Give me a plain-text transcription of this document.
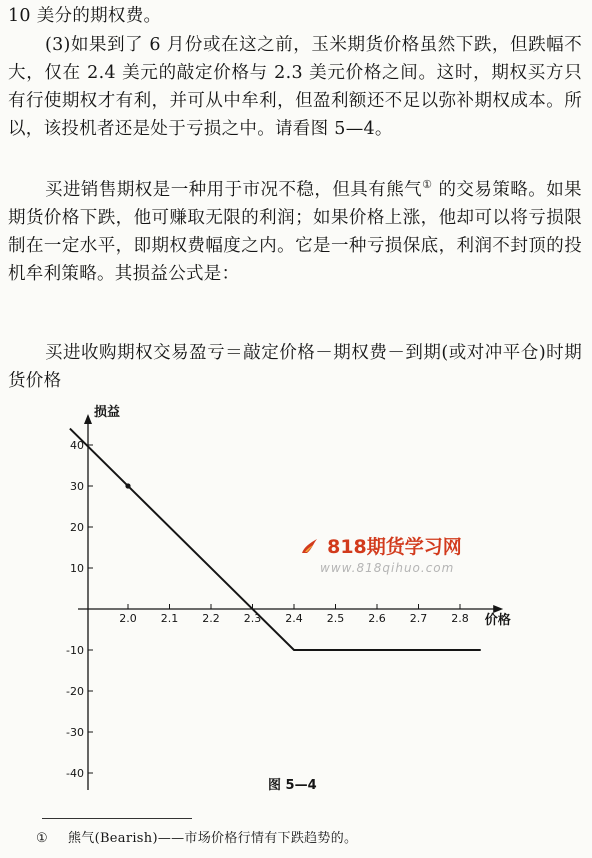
10 美分的期权费。

(3)如果到了 6 月份或在这之前，玉米期货价格虽然下跌，但跌幅不大，仅在 2.4 美元的敲定价格与 2.3 美元价格之间。这时，期权买方只有行使期权才有利，并可从中牟利，但盈利额还不足以弥补期权成本。所以，该投机者还是处于亏损之中。请看图 5—4。

买进销售期权是一种用于市况不稳，但具有熊气① 的交易策略。如果期货价格下跌，他可赚取无限的利润；如果价格上涨，他却可以将亏损限制在一定水平，即期权费幅度之内。它是一种亏损保底，利润不封顶的投机牟利策略。其损益公式是：

买进收购期权交易盈亏＝敲定价格－期权费－到期(或对冲平仓)时期货价格

40
30
20
10
-10
-20
-30
-40
2.0 2.1 2.2 2.3 2.4 2.5 2.6 2.7 2.8
损益
价格
818期货学习网
www.818qihuo.com

图 5—4

① 熊气(Bearish)——市场价格行情有下跌趋势的。
